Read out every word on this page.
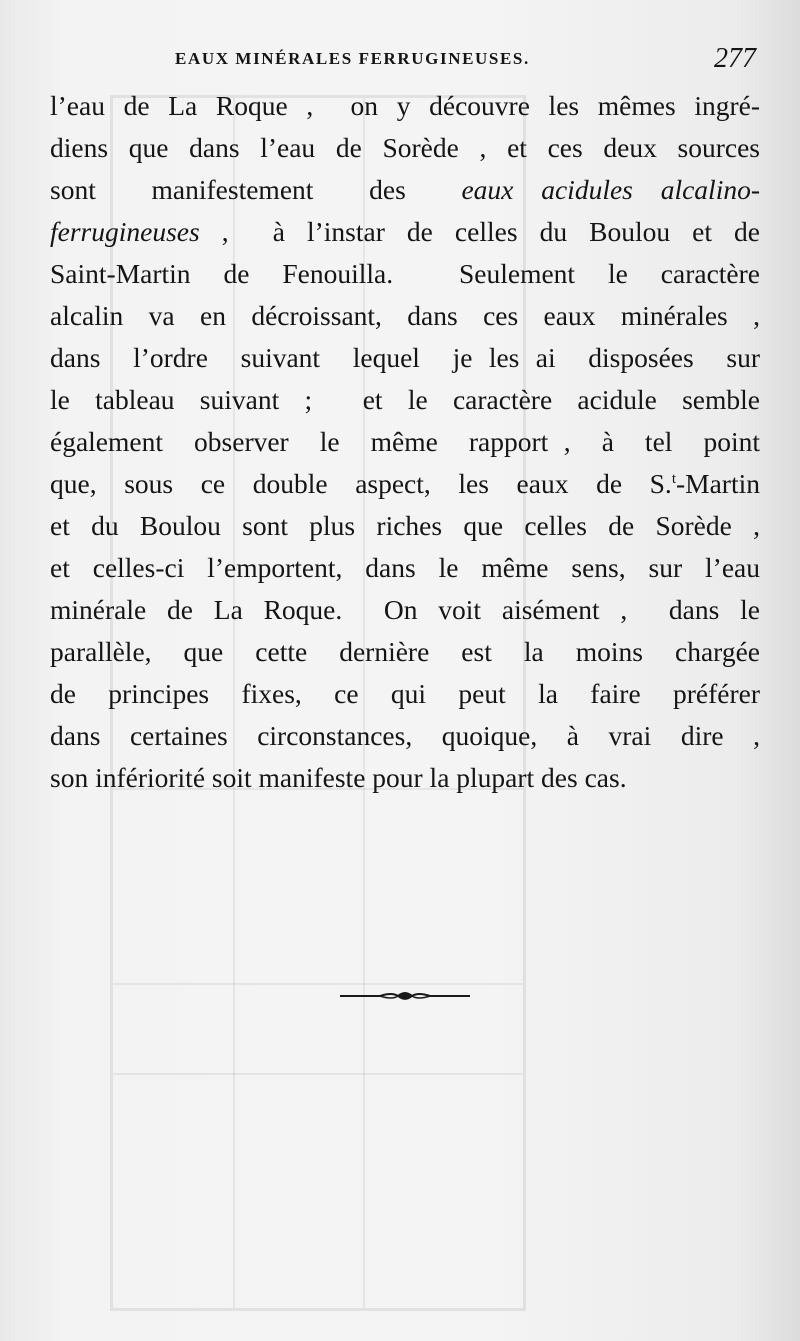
EAUX MINÉRALES FERRUGINEUSES.	277
l’eau de La Roque ,  on y découvre les mêmes ingré-
diens que dans l’eau de Sorède , et ces deux sources
sont  manifestement  des  eaux acidules alcalino-
ferrugineuses ,  à l’instar de celles du Boulou et de
Saint-Martin de Fenouilla.  Seulement le caractère
alcalin va en décroissant, dans ces eaux minérales ,
dans  l’ordre  suivant  lequel  je les ai  disposées  sur
le tableau suivant ;  et le caractère acidule semble
également  observer  le  même  rapport ,  à  tel  point
que, sous ce double aspect, les eaux de S.$^t$-Martin
et du Boulou sont plus riches que celles de Sorède ,
et celles-ci l’emportent, dans le même sens, sur l’eau
minérale de La Roque.  On voit aisément ,  dans le
parallèle,  que  cette  dernière  est  la  moins  chargée
de  principes  fixes,  ce  qui  peut  la  faire  préférer
dans certaines circonstances, quoique, à vrai dire ,
son infériorité soit manifeste pour la plupart des cas.
